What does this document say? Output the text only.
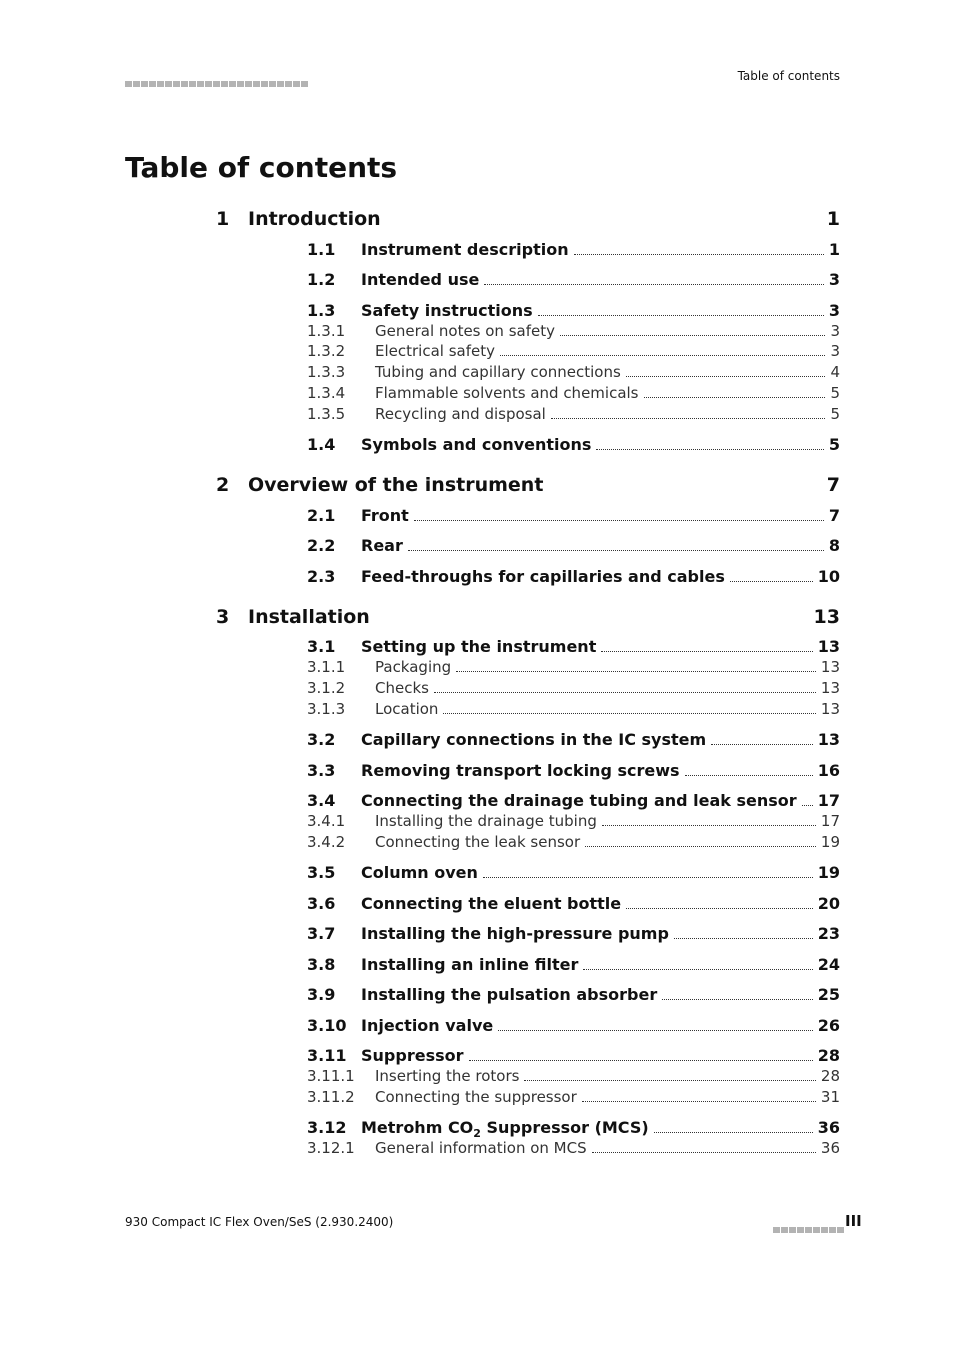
Table of contents
Table of contents
1 Introduction	1
1.1 Instrument description	1
1.2 Intended use	3
1.3 Safety instructions	3
1.3.1	General notes on safety	3
1.3.2	Electrical safety	3
1.3.3	Tubing and capillary connections	4
1.3.4	Flammable solvents and chemicals	5
1.3.5	Recycling and disposal	5
1.4 Symbols and conventions	5
2 Overview of the instrument	7
2.1 Front	7
2.2 Rear	8
2.3 Feed-throughs for capillaries and cables	10
3 Installation	13
3.1 Setting up the instrument	13
3.1.1	Packaging	13
3.1.2	Checks	13
3.1.3	Location	13
3.2 Capillary connections in the IC system	13
3.3 Removing transport locking screws	16
3.4 Connecting the drainage tubing and leak sensor 17
3.4.1	Installing the drainage tubing	17
3.4.2	Connecting the leak sensor	19
3.5 Column oven	19
3.6 Connecting the eluent bottle	20
3.7 Installing the high-pressure pump	23
3.8 Installing an inline filter	24
3.9 Installing the pulsation absorber	25
3.10 Injection valve	26
3.11 Suppressor	28
3.11.1	Inserting the rotors	28
3.11.2	Connecting the suppressor	31
3.12 Metrohm $CO_2$ Suppressor (MCS)	36
3.12.1	General information on MCS	36
930 Compact IC Flex Oven/SeS (2.930.2400)	III
